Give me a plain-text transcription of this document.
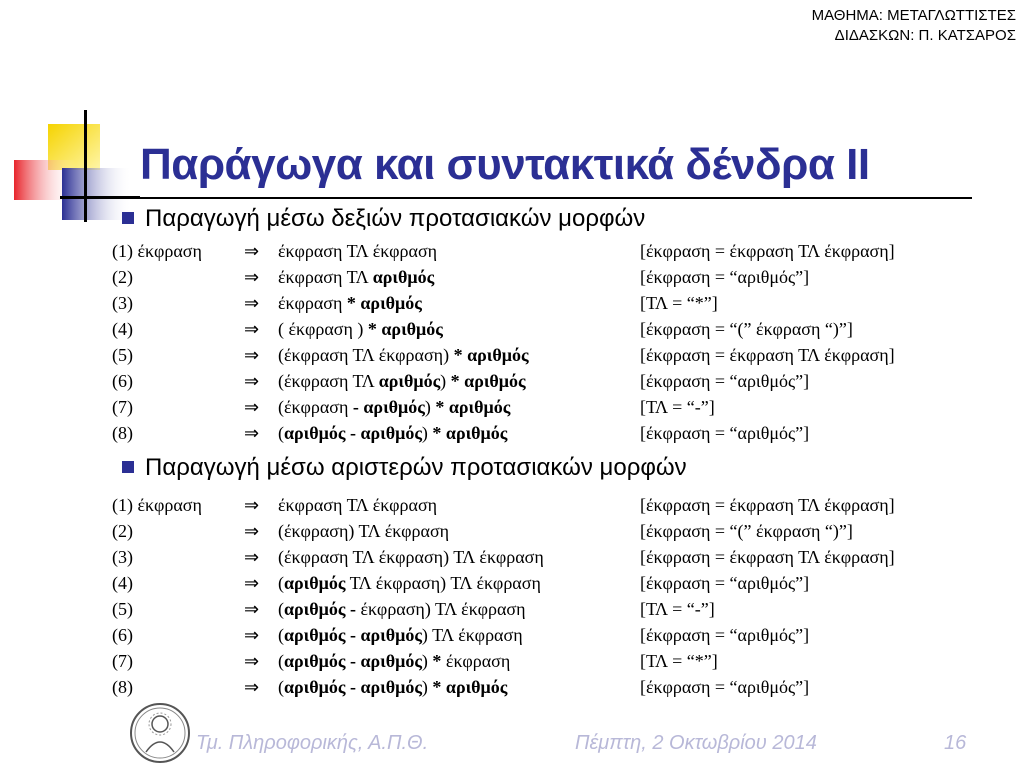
ΜΑΘΗΜΑ: ΜΕΤΑΓΛΩΤΤΙΣΤΕΣ
ΔΙΔΑΣΚΩΝ: Π. ΚΑΤΣΑΡΟΣ
Παράγωγα και συντακτικά δένδρα ΙΙ
Παραγωγή μέσω δεξιών προτασιακών μορφών
(1) έκφραση ⇒ έκφραση ΤΛ έκφραση	[έκφραση = έκφραση ΤΛ έκφραση]
(2)	⇒ έκφραση ΤΛ αριθμός	[έκφραση = “αριθμός”]
(3)	⇒ έκφραση * αριθμός	[ΤΛ = “*”]
(4)	⇒ ( έκφραση ) * αριθμός	[έκφραση = “(” έκφραση “)”]
(5)	⇒ (έκφραση ΤΛ έκφραση) * αριθμός	[έκφραση = έκφραση ΤΛ έκφραση]
(6)	⇒ (έκφραση ΤΛ αριθμός) * αριθμός	[έκφραση = “αριθμός”]
(7)	⇒ (έκφραση - αριθμός) * αριθμός	[ΤΛ = “-”]
(8)	⇒ (αριθμός - αριθμός) * αριθμός	[έκφραση = “αριθμός”]
Παραγωγή μέσω αριστερών προτασιακών μορφών
(1) έκφραση ⇒ έκφραση ΤΛ έκφραση	[έκφραση = έκφραση ΤΛ έκφραση]
(2)	⇒ (έκφραση) ΤΛ έκφραση	[έκφραση = “(” έκφραση “)”]
(3)	⇒ (έκφραση ΤΛ έκφραση) ΤΛ έκφραση	[έκφραση = έκφραση ΤΛ έκφραση]
(4)	⇒ (αριθμός ΤΛ έκφραση) ΤΛ έκφραση	[έκφραση = “αριθμός”]
(5)	⇒ (αριθμός - έκφραση) ΤΛ έκφραση	[ΤΛ = “-”]
(6)	⇒ (αριθμός - αριθμός) ΤΛ έκφραση	[έκφραση = “αριθμός”]
(7)	⇒ (αριθμός - αριθμός) * έκφραση	[ΤΛ = “*”]
(8)	⇒ (αριθμός - αριθμός) * αριθμός	[έκφραση = “αριθμός”]
Τμ. Πληροφορικής, Α.Π.Θ.	Πέμπτη, 2 Οκτωβρίου 2014	16
